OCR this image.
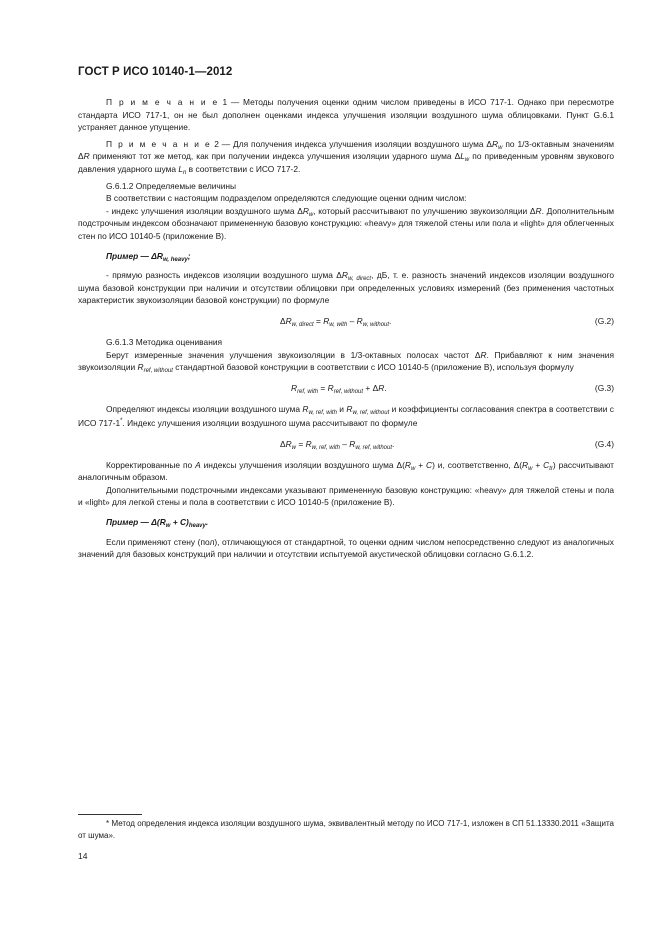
ГОСТ Р ИСО 10140-1—2012

П р и м е ч а н и е 1 — Методы получения оценки одним числом приведены в ИСО 717-1. Однако при пересмотре стандарта ИСО 717-1, он не был дополнен оценками индекса улучшения изоляции воздушного шума облицовками. Пункт G.6.1 устраняет данное упущение.

П р и м е ч а н и е 2 — Для получения индекса улучшения изоляции воздушного шума $\Delta R_w$ по 1/3-октавным значениям ΔR применяют тот же метод, как при получении индекса улучшения изоляции ударного шума $\Delta L_w$ по приведенным уровням звукового давления ударного шума $L_n$ в соответствии с ИСО 717-2.

G.6.1.2 Определяемые величины

В соответствии с настоящим подразделом определяются следующие оценки одним числом:

- индекс улучшения изоляции воздушного шума $\Delta R_w$, который рассчитывают по улучшению звукоизоляции ΔR. Дополнительным подстрочным индексом обозначают примененную базовую конструкцию: «heavy» для тяжелой стены или пола и «light» для облегченных стен по ИСО 10140-5 (приложение В).

Пример — $\Delta R_{w, heavy}$;

- прямую разность индексов изоляции воздушного шума $\Delta R_{w, direct}$, дБ, т. е. разность значений индексов изоляции воздушного шума базовой конструкции при наличии и отсутствии облицовки при определенных условиях измерений (без применения частотных характеристик звукоизоляции базовой конструкции) по формуле

$\Delta R_{w, direct} = R_{w, with} - R_{w, without}$.	(G.2)

G.6.1.3 Методика оценивания

Берут измеренные значения улучшения звукоизоляции в 1/3-октавных полосах частот ΔR. Прибавляют к ним значения звукоизоляции $R_{ref, without}$ стандартной базовой конструкции в соответствии с ИСО 10140-5 (приложение В), используя формулу

$R_{ref, with} = R_{ref, without} + \Delta R$.	(G.3)

Определяют индексы изоляции воздушного шума $R_{w, ref, with}$ и $R_{w, ref, without}$ и коэффициенты согласования спектра в соответствии с ИСО 717-1*. Индекс улучшения изоляции воздушного шума рассчитывают по формуле

$\Delta R_w = R_{w, ref, with} - R_{w, ref, without}$.	(G.4)

Корректированные по A индексы улучшения изоляции воздушного шума $\Delta(R_w + C)$ и, соответственно, $\Delta(R_w + C_{tr})$ рассчитывают аналогичным образом.

Дополнительными подстрочными индексами указывают примененную базовую конструкцию: «heavy» для тяжелой стены и пола и «light» для легкой стены и пола в соответствии с ИСО 10140-5 (приложение В).

Пример — $\Delta(R_w + C)_{heavy}$.

Если применяют стену (пол), отличающуюся от стандартной, то оценки одним числом непосредственно следуют из аналогичных значений для базовых конструкций при наличии и отсутствии испытуемой акустической облицовки согласно G.6.1.2.

* Метод определения индекса изоляции воздушного шума, эквивалентный методу по ИСО 717-1, изложен в СП 51.13330.2011 «Защита от шума».
14
